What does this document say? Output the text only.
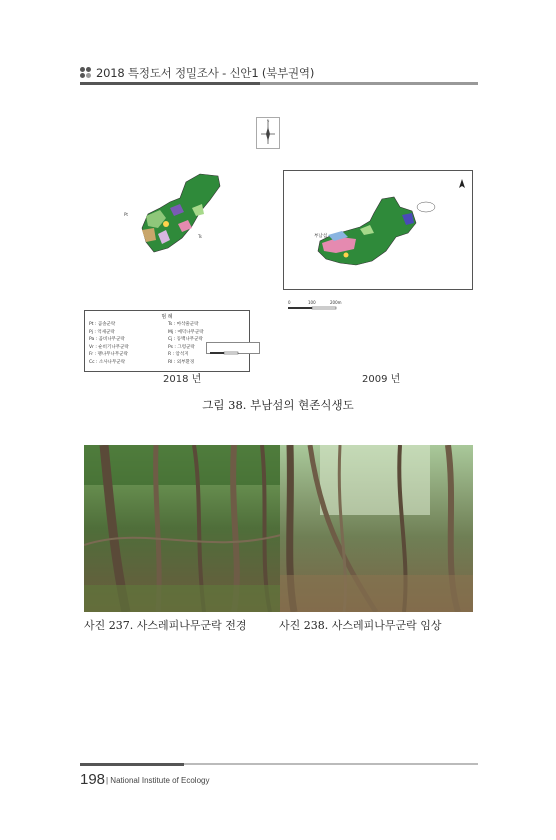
2018 특정도서 정밀조사 - 신안1 (북부권역)
N
Pt
Ts
범 례
Pt : 곰솔군락	Ts : 마삭줄군락
Pj : 억새군락	Mj : 예덕나무군락
Pa : 곰비나무군락	Cj : 동백나무군락
Vr : 순비기나무군락	Ps : 그령군락
Fr : 팽나무나무군락	R : 암석지
Cc : 소사나무군락	RI : 외부환경
부남섬
0	100	200m
2018 년	2009 년
그림 38. 부남섬의 현존식생도
사진 237. 사스레피나무군락 전경	사진 238. 사스레피나무군락 임상
198 | National Institute of Ecology
